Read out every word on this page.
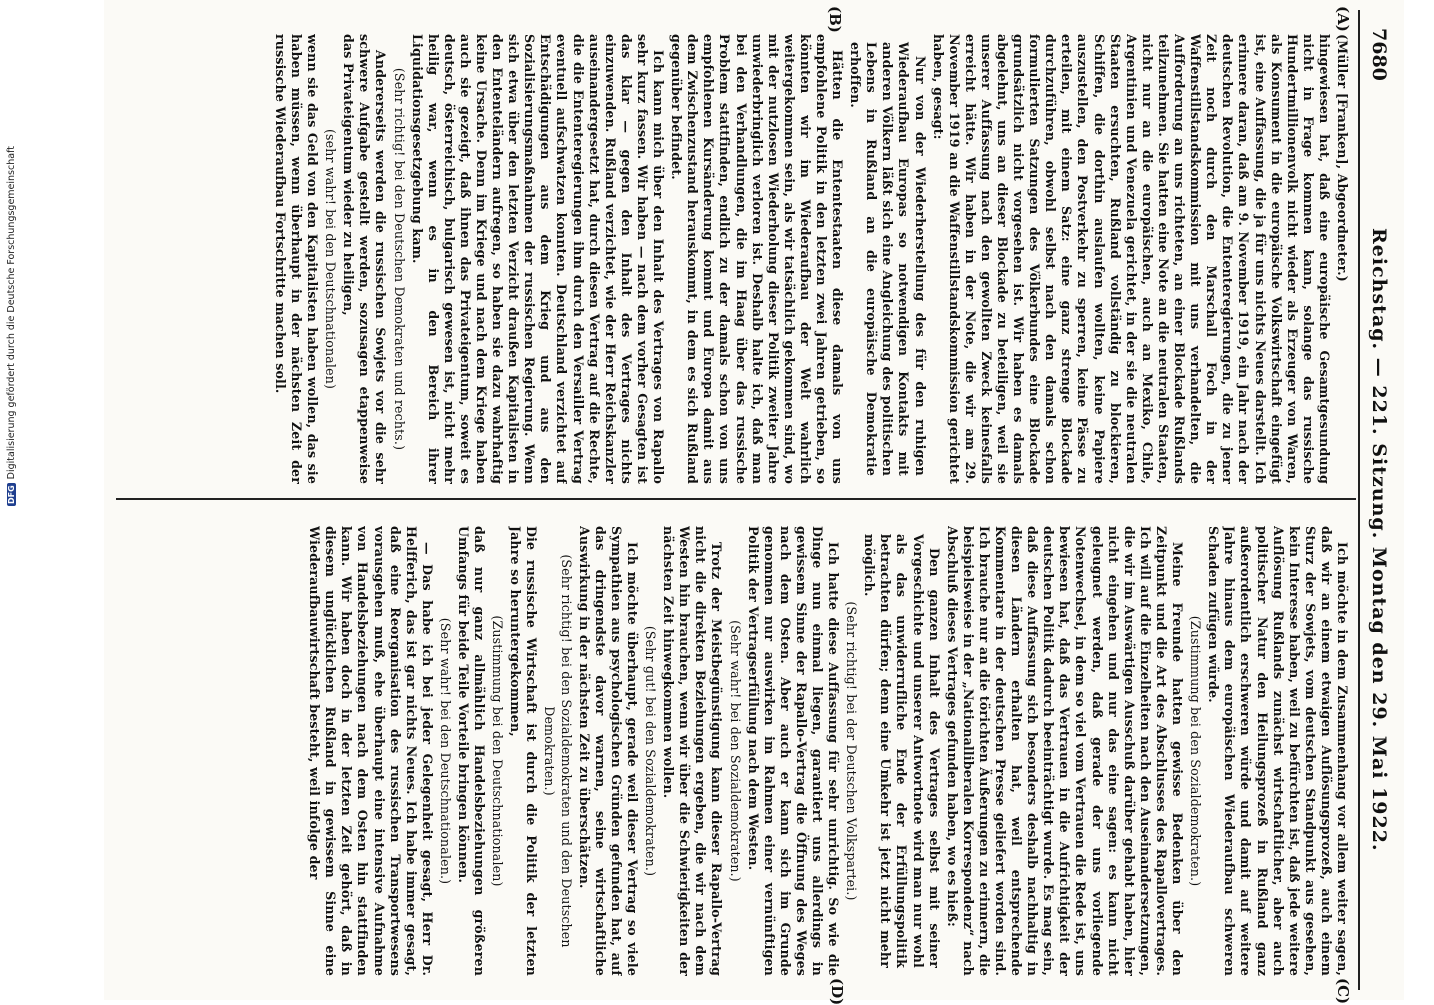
7680
Reichstag. — 221. Sitzung. Montag den 29. Mai 1922.
(A)
(B)
(C)
(D)

(Müller [Franken], Abgeordneter.)

hingewiesen hat, daß eine europäische Gesamtgesundung nicht in Frage kommen kann, solange das russische Hundertmillionenvolk nicht wieder als Erzeuger von Waren, als Konsument in die europäische Volkswirtschaft eingefügt ist, eine Auffassung, die ja für uns nichts Neues darstellt. Ich erinnere daran, daß am 9. November 1919, ein Jahr nach der deutschen Revolution, die Ententeregierungen, die zu jener Zeit noch durch den Marschall Foch in der Waffenstillstandskommission mit uns verhandelten, die Aufforderung an uns richteten, an einer Blockade Rußlands teilzunehmen. Sie hatten eine Note an die neutralen Staaten, nicht nur an die europäischen, auch an Mexiko, Chile, Argentinien und Venezuela gerichtet, in der sie die neutralen Staaten ersuchten, Rußland vollständig zu blockieren, Schiffen, die dorthin auslaufen wollten, keine Papiere auszustellen, den Postverkehr zu sperren, keine Pässe zu erteilen, mit einem Satz: eine ganz strenge Blockade durchzuführen, obwohl selbst nach den damals schon formulierten Satzungen des Völkerbundes eine Blockade grundsätzlich nicht vorgesehen ist. Wir haben es damals abgelehnt, uns an dieser Blockade zu beteiligen, weil sie unserer Auffassung nach den gewollten Zweck keinesfalls erreicht hätte. Wir haben in der Note, die wir am 29. November 1919 an die Waffenstillstandskommission gerichtet haben, gesagt:

Nur von der Wiederherstellung des für den ruhigen Wiederaufbau Europas so notwendigen Kontakts mit anderen Völkern läßt sich eine Angleichung des politischen Lebens in Rußland an die europäische Demokratie erhoffen.

Hätten die Ententestaaten diese damals von uns empfohlene Politik in den letzten zwei Jahren getrieben, so könnten wir im Wiederaufbau der Welt wahrlich weitergekommen sein, als wir tatsächlich gekommen sind, wo mit der nutzlosen Wiederholung dieser Politik zweiter Jahre unwiederbringlich verloren ist. Deshalb halte ich, daß man bei den Verhandlungen, die im Haag über das russische Problem stattfinden, endlich zu der damals schon von uns empfohlenen Kursänderung kommt und Europa damit aus dem Zwischenzustand herauskommt, in dem es sich Rußland gegenüber befindet.

Ich kann mich über den Inhalt des Vertrages von Rapallo sehr kurz fassen. Wir haben — nach dem vorher Gesagten ist das klar — gegen den Inhalt des Vertrages nichts einzuwenden. Rußland verzichtet, wie der Herr Reichskanzler auseinandergesetzt hat, durch diesen Vertrag auf die Rechte, die die Ententeregierungen ihm durch den Versailler Vertrag eventuell aufschwatzen konnten. Deutschland verzichtet auf Entschädigungen aus dem Krieg und aus den Sozialisierungsmaßnahmen der russischen Regierung. Wenn sich etwa über den letzten Verzicht draußen Kapitalisten in den Ententeländern aufregen, so haben sie dazu wahrhaftig keine Ursache. Denn im Kriege und nach dem Kriege haben auch sie gezeigt, daß ihnen das Privateigentum, soweit es deutsch, österreichisch, bulgarisch gewesen ist, nicht mehr heilig war, wenn es in den Bereich ihrer Liquidationsgesetzgebung kam.

(Sehr richtig! bei den Deutschen Demokraten und rechts.)

Andererseits werden die russischen Sowjets vor die sehr schwere Aufgabe gestellt werden, sozusagen etappenweise das Privateigentum wieder zu heiligen,

(sehr wahr! bei den Deutschnationalen)

wenn sie das Geld von den Kapitalisten haben wollen, das sie haben müssen, wenn überhaupt in der nächsten Zeit der russische Wiederaufbau Fortschritte machen soll.

Ich möchte in dem Zusammenhang vor allem weiter sagen, daß wir an einem etwaigen Auflösungsprozeß, auch einem Sturz der Sowjets, vom deutschen Standpunkt aus gesehen, kein Interesse haben, weil zu befürchten ist, daß jede weitere Auflösung Rußlands zunächst wirtschaftlicher, aber auch politischer Natur den Heilungsprozeß in Rußland ganz außerordentlich erschweren würde und damit auf weitere Jahre hinaus dem europäischen Wiederaufbau schweren Schaden zufügen würde.

(Zustimmung bei den Sozialdemokraten.)

Meine Freunde hatten gewisse Bedenken über den Zeitpunkt und die Art des Abschlusses des Rapallovertrages. Ich will auf die Einzelheiten nach den Auseinandersetzungen, die wir im Auswärtigen Ausschuß darüber gehabt haben, hier nicht eingehen und nur das eine sagen: es kann nicht geleugnet werden, daß gerade der uns vorliegende Notenwechsel, in dem so viel vom Vertrauen die Rede ist, uns bewiesen hat, daß das Vertrauen in die Aufrichtigkeit der deutschen Politik dadurch beeinträchtigt wurde. Es mag sein, daß diese Auffassung sich besonders deshalb nachhaltig in diesen Ländern erhalten hat, weil entsprechende Kommentare in der deutschen Presse geliefert worden sind. Ich brauche nur an die törichten Äußerungen zu erinnern, die beispielsweise in der „Nationalliberalen Korrespondenz“ nach Abschluß dieses Vertrages gefunden haben, wo es hieß:

Den ganzen Inhalt des Vertrages selbst mit seiner Vorgeschichte und unserer Antwortnote wird man nur wohl als das unwiderrufliche Ende der Erfüllungspolitik betrachten dürfen; denn eine Umkehr ist jetzt nicht mehr möglich.

(Sehr richtig! bei der Deutschen Volkspartei.)

Ich hatte diese Auffassung für sehr unrichtig. So wie die Dinge nun einmal liegen, garantiert uns allerdings in gewissem Sinne der Rapallo-Vertrag die Öffnung des Weges nach dem Osten. Aber auch er kann sich im Grunde genommen nur auswirken im Rahmen einer vernünftigen Politik der Vertragserfüllung nach dem Westen.

(Sehr wahr! bei den Sozialdemokraten.)

Trotz der Meistbegünstigung kann dieser Rapallo-Vertrag nicht die direkten Beziehungen ergeben, die wir nach dem Westen hin brauchen, wenn wir über die Schwierigkeiten der nächsten Zeit hinwegkommen wollen.

(Sehr gut! bei den Sozialdemokraten.)

Ich möchte überhaupt, gerade weil dieser Vertrag so viele Sympathien aus psychologischen Gründen gefunden hat, auf das dringendste davor warnen, seine wirtschaftliche Auswirkung in der nächsten Zeit zu überschätzen.

(Sehr richtig! bei den Sozialdemokraten und den Deutschen Demokraten.)

Die russische Wirtschaft ist durch die Politik der letzten Jahre so heruntergekommen,

(Zustimmung bei den Deutschnationalen)

daß nur ganz allmählich Handelsbeziehungen größeren Umfangs für beide Teile Vorteile bringen können.

(Sehr wahr! bei den Deutschnationalen.)

— Das habe ich bei jeder Gelegenheit gesagt, Herr Dr. Helfferich, das ist gar nichts Neues. Ich habe immer gesagt, daß eine Reorganisation des russischen Transportwesens vorausgehen muß, ehe überhaupt eine intensive Aufnahme von Handelsbeziehungen nach dem Osten hin stattfinden kann. Wir haben doch in der letzten Zeit gehört, daß in diesem unglücklichen Rußland in gewissem Sinne eine Wiederaufbauwirtschaft besteht, weil infolge der

DFGDigitalisierung gefördert durch die Deutsche Forschungsgemeinschaft
